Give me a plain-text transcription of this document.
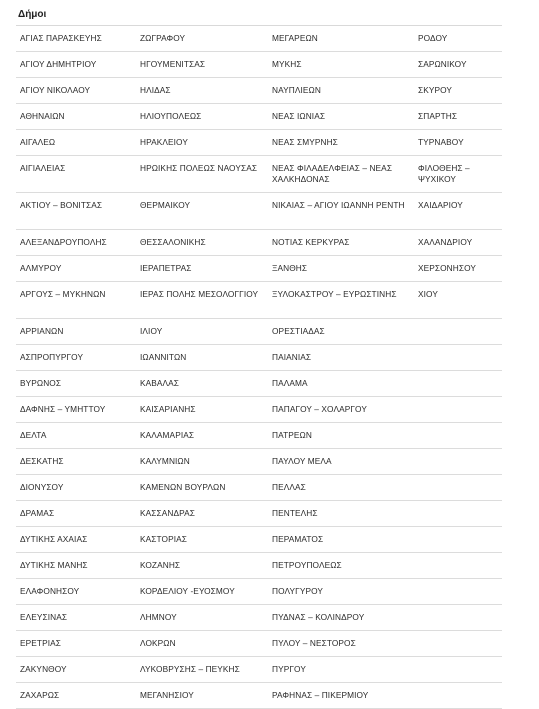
Δήμοι
ΑΓΙΑΣ ΠΑΡΑΣΚΕΥΗΣ	ΖΩΓΡΑΦΟΥ	ΜΕΓΑΡΕΩΝ	ΡΟΔΟΥ
ΑΓΙΟΥ ΔΗΜΗΤΡΙΟΥ	ΗΓΟΥΜΕΝΙΤΣΑΣ	ΜΥΚΗΣ	ΣΑΡΩΝΙΚΟΥ
ΑΓΙΟΥ ΝΙΚΟΛΑΟΥ	ΗΛΙΔΑΣ	ΝΑΥΠΛΙΕΩΝ	ΣΚΥΡΟΥ
ΑΘΗΝΑΙΩΝ	ΗΛΙΟΥΠΟΛΕΩΣ	ΝΕΑΣ ΙΩΝΙΑΣ	ΣΠΑΡΤΗΣ
ΑΙΓΑΛΕΩ	ΗΡΑΚΛΕΙΟΥ	ΝΕΑΣ ΣΜΥΡΝΗΣ	ΤΥΡΝΑΒΟΥ
ΑΙΓΙΑΛΕΙΑΣ	ΗΡΩΙΚΗΣ ΠΟΛΕΩΣ ΝΑΟΥΣΑΣ	ΝΕΑΣ ΦΙΛΑΔΕΛΦΕΙΑΣ – ΝΕΑΣ ΧΑΛΚΗΔΟΝΑΣ	ΦΙΛΟΘΕΗΣ – ΨΥΧΙΚΟΥ
ΑΚΤΙΟΥ – ΒΟΝΙΤΣΑΣ	ΘΕΡΜΑΙΚΟΥ	ΝΙΚΑΙΑΣ – ΑΓΙΟΥ ΙΩΑΝΝΗ ΡΕΝΤΗ	ΧΑΙΔΑΡΙΟΥ
ΑΛΕΞΑΝΔΡΟΥΠΟΛΗΣ	ΘΕΣΣΑΛΟΝΙΚΗΣ	ΝΟΤΙΑΣ ΚΕΡΚΥΡΑΣ	ΧΑΛΑΝΔΡΙΟΥ
ΑΛΜΥΡΟΥ	ΙΕΡΑΠΕΤΡΑΣ	ΞΑΝΘΗΣ	ΧΕΡΣΟΝΗΣΟΥ
ΑΡΓΟΥΣ – ΜΥΚΗΝΩΝ	ΙΕΡΑΣ ΠΟΛΗΣ ΜΕΣΟΛΟΓΓΙΟΥ	ΞΥΛΟΚΑΣΤΡΟΥ – ΕΥΡΩΣΤΙΝΗΣ	ΧΙΟΥ
ΑΡΡΙΑΝΩΝ	ΙΛΙΟΥ	ΟΡΕΣΤΙΑΔΑΣ	
ΑΣΠΡΟΠΥΡΓΟΥ	ΙΩΑΝΝΙΤΩΝ	ΠΑΙΑΝΙΑΣ	
ΒΥΡΩΝΟΣ	ΚΑΒΑΛΑΣ	ΠΑΛΑΜΑ	
ΔΑΦΝΗΣ – ΥΜΗΤΤΟΥ	ΚΑΙΣΑΡΙΑΝΗΣ	ΠΑΠΑΓΟΥ – ΧΟΛΑΡΓΟΥ	
ΔΕΛΤΑ	ΚΑΛΑΜΑΡΙΑΣ	ΠΑΤΡΕΩΝ	
ΔΕΣΚΑΤΗΣ	ΚΑΛΥΜΝΙΩΝ	ΠΑΥΛΟΥ ΜΕΛΑ	
ΔΙΟΝΥΣΟΥ	ΚΑΜΕΝΩΝ ΒΟΥΡΛΩΝ	ΠΕΛΛΑΣ	
ΔΡΑΜΑΣ	ΚΑΣΣΑΝΔΡΑΣ	ΠΕΝΤΕΛΗΣ	
ΔΥΤΙΚΗΣ ΑΧΑΙΑΣ	ΚΑΣΤΟΡΙΑΣ	ΠΕΡΑΜΑΤΟΣ	
ΔΥΤΙΚΗΣ ΜΑΝΗΣ	ΚΟΖΑΝΗΣ	ΠΕΤΡΟΥΠΟΛΕΩΣ	
ΕΛΑΦΟΝΗΣΟΥ	ΚΟΡΔΕΛΙΟΥ -ΕΥΟΣΜΟΥ	ΠΟΛΥΓΥΡΟΥ	
ΕΛΕΥΣΙΝΑΣ	ΛΗΜΝΟΥ	ΠΥΔΝΑΣ – ΚΟΛΙΝΔΡΟΥ	
ΕΡΕΤΡΙΑΣ	ΛΟΚΡΩΝ	ΠΥΛΟΥ – ΝΕΣΤΟΡΟΣ	
ΖΑΚΥΝΘΟΥ	ΛΥΚΟΒΡΥΣΗΣ – ΠΕΥΚΗΣ	ΠΥΡΓΟΥ	
ΖΑΧΑΡΩΣ	ΜΕΓΑΝΗΣΙΟΥ	ΡΑΦΗΝΑΣ – ΠΙΚΕΡΜΙΟΥ	
